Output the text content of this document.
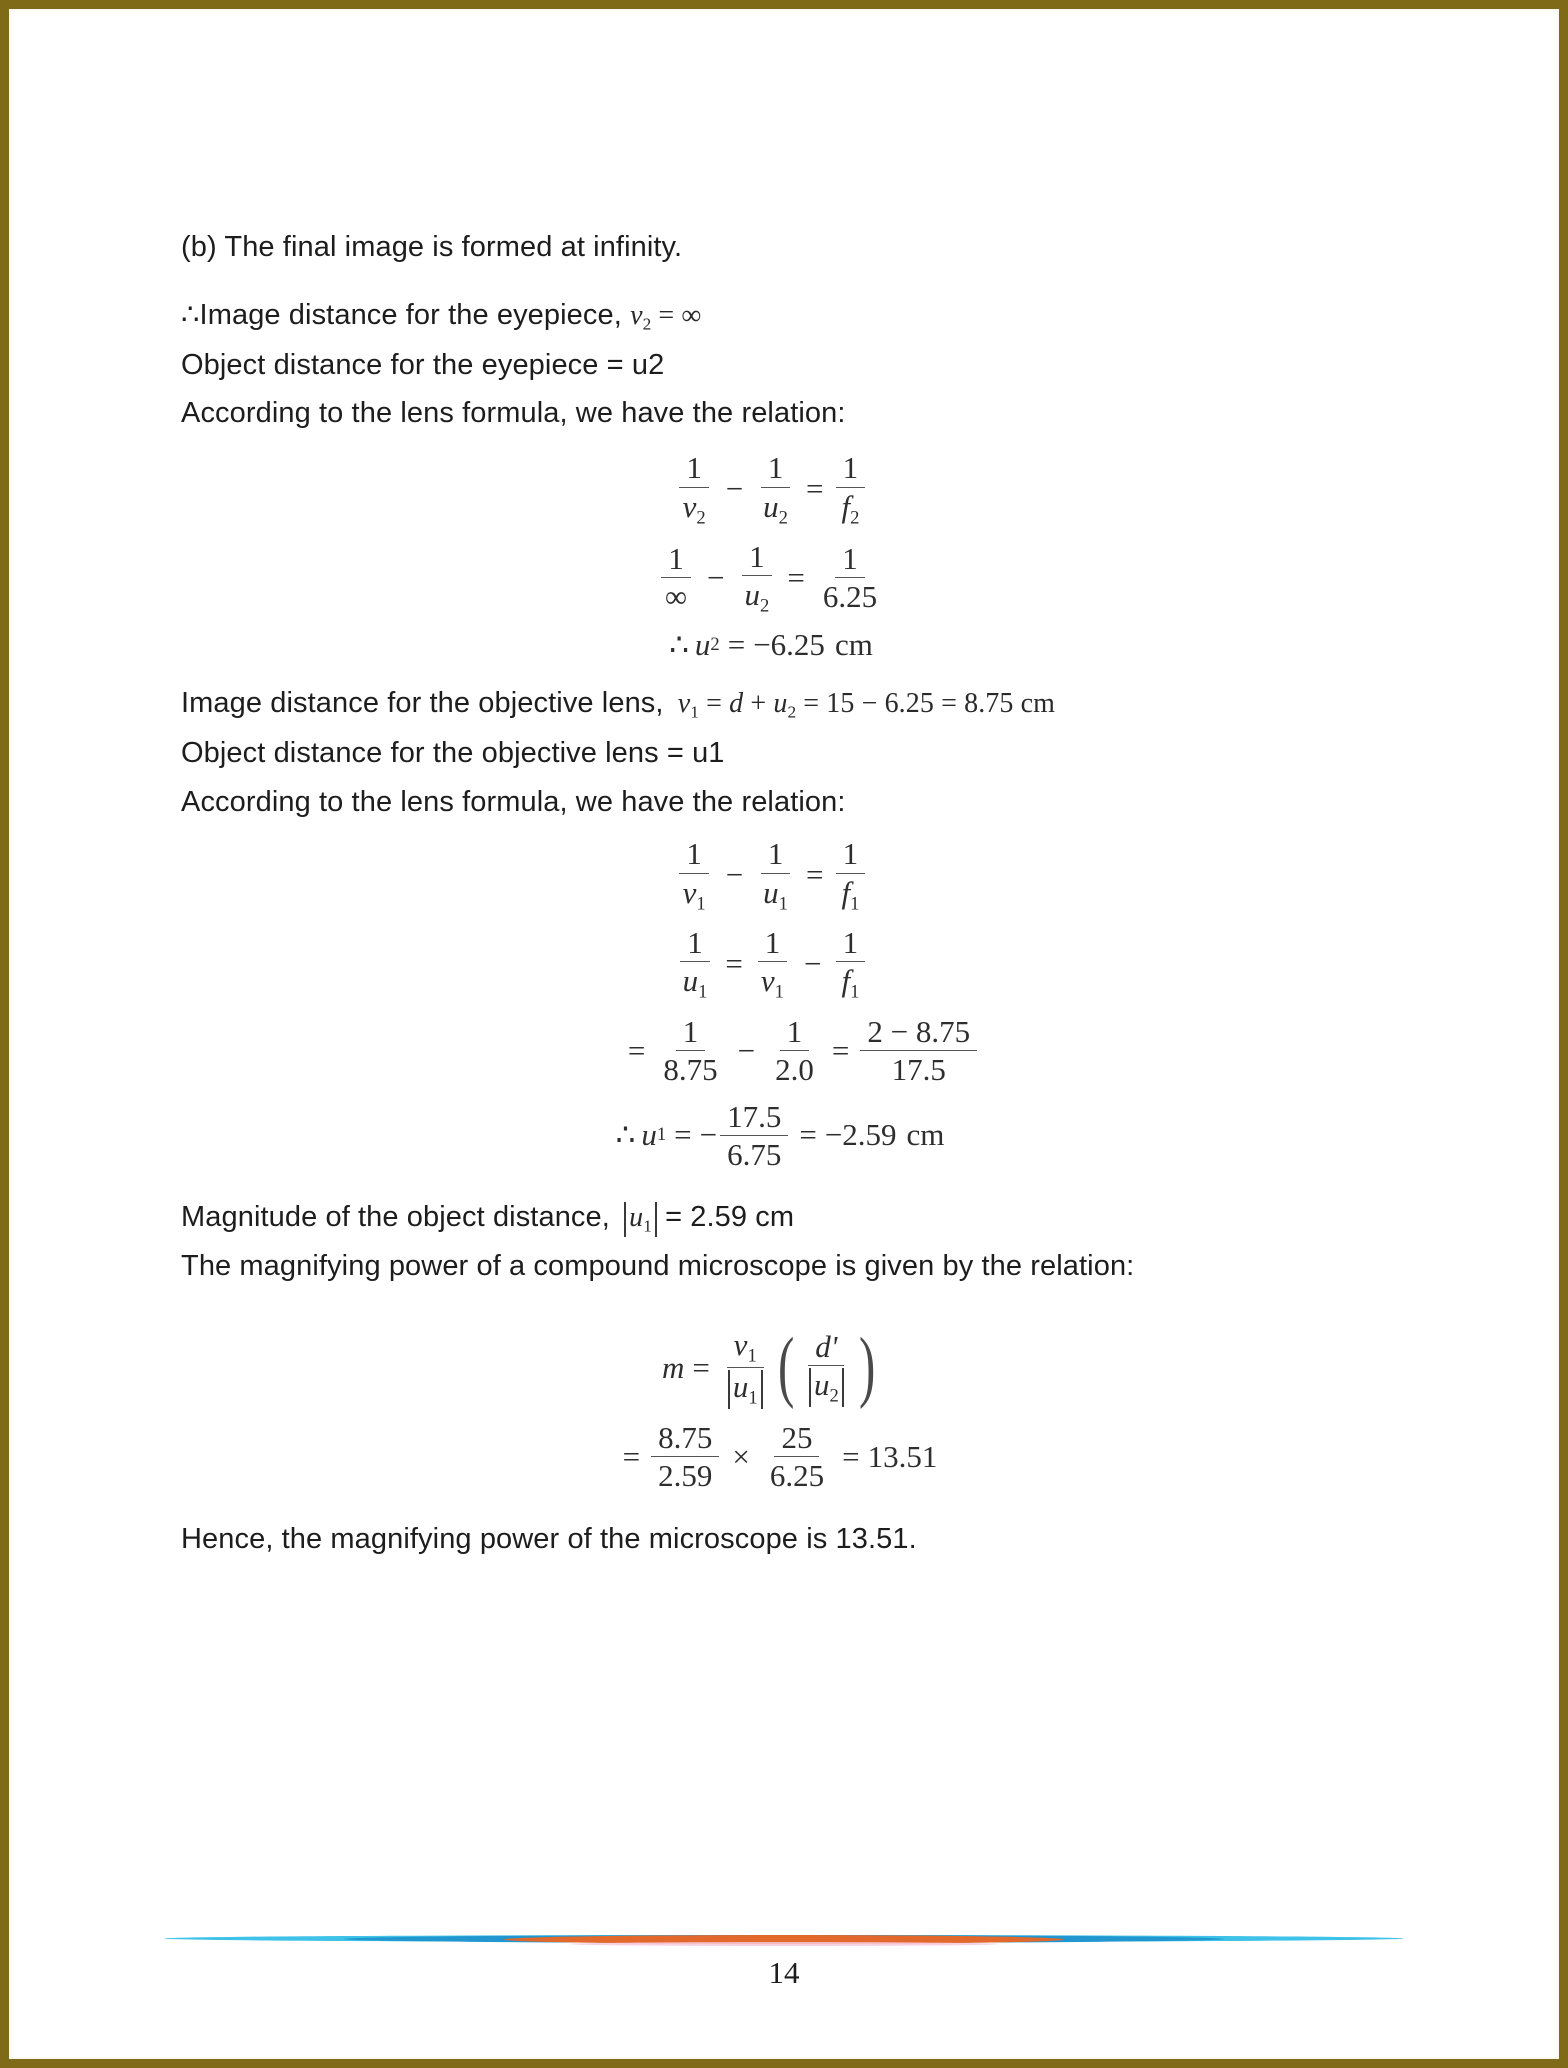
(b) The final image is formed at infinity.
∴Image distance for the eyepiece, $v_2$ = ∞
Object distance for the eyepiece = u2
According to the lens formula, we have the relation:
$\frac{1}{v_2} - \frac{1}{u_2} = \frac{1}{f_2}$
$\frac{1}{\infty} - \frac{1}{u_2} = \frac{1}{6.25}$
∴ u 2 = −6.25 cm
Image distance for the objective lens, $v_1 = d + u_2 = 15 - 6.25 = 8.75$ cm
Object distance for the objective lens = u1
According to the lens formula, we have the relation:
$\frac{1}{v_1} - \frac{1}{u_1} = \frac{1}{f_1}$
$\frac{1}{u_1} = \frac{1}{v_1} - \frac{1}{f_1}$
= $\frac{1}{8.75} - \frac{1}{2.0} = \frac{2 - 8.75}{17.5}$
∴ u 1 = − $\frac{17.5}{6.75} = -2.59$ cm
Magnitude of the object distance, $u_1 = 2.59$ cm
The magnifying power of a compound microscope is given by the relation:
$m = \frac{v_1}{u_1}$ ( $\frac{d'}{u_2}$ )
= $\frac{8.75}{2.59} \times \frac{25}{6.25} = 13.51$
Hence, the magnifying power of the microscope is 13.51.
14
